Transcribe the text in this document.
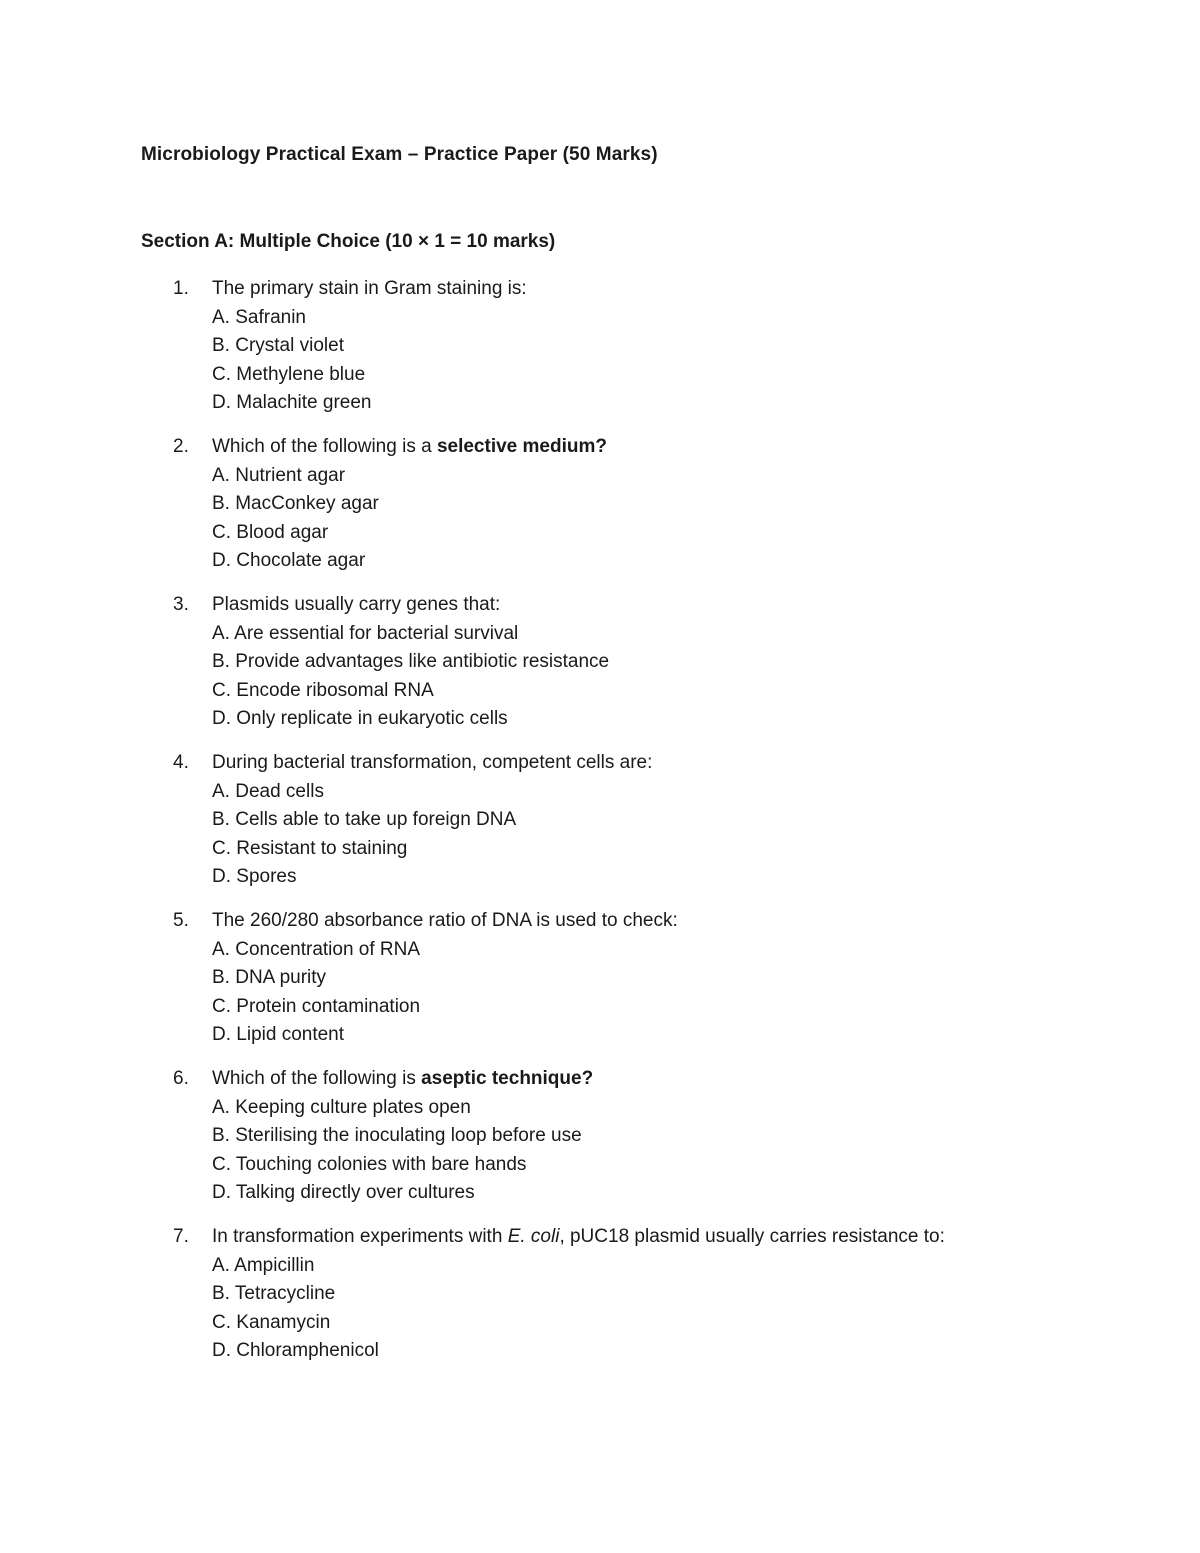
Microbiology Practical Exam – Practice Paper (50 Marks)
Section A: Multiple Choice (10 × 1 = 10 marks)
1. The primary stain in Gram staining is:
A. Safranin
B. Crystal violet
C. Methylene blue
D. Malachite green
2. Which of the following is a selective medium?
A. Nutrient agar
B. MacConkey agar
C. Blood agar
D. Chocolate agar
3. Plasmids usually carry genes that:
A. Are essential for bacterial survival
B. Provide advantages like antibiotic resistance
C. Encode ribosomal RNA
D. Only replicate in eukaryotic cells
4. During bacterial transformation, competent cells are:
A. Dead cells
B. Cells able to take up foreign DNA
C. Resistant to staining
D. Spores
5. The 260/280 absorbance ratio of DNA is used to check:
A. Concentration of RNA
B. DNA purity
C. Protein contamination
D. Lipid content
6. Which of the following is aseptic technique?
A. Keeping culture plates open
B. Sterilising the inoculating loop before use
C. Touching colonies with bare hands
D. Talking directly over cultures
7. In transformation experiments with E. coli, pUC18 plasmid usually carries resistance to:
A. Ampicillin
B. Tetracycline
C. Kanamycin
D. Chloramphenicol
